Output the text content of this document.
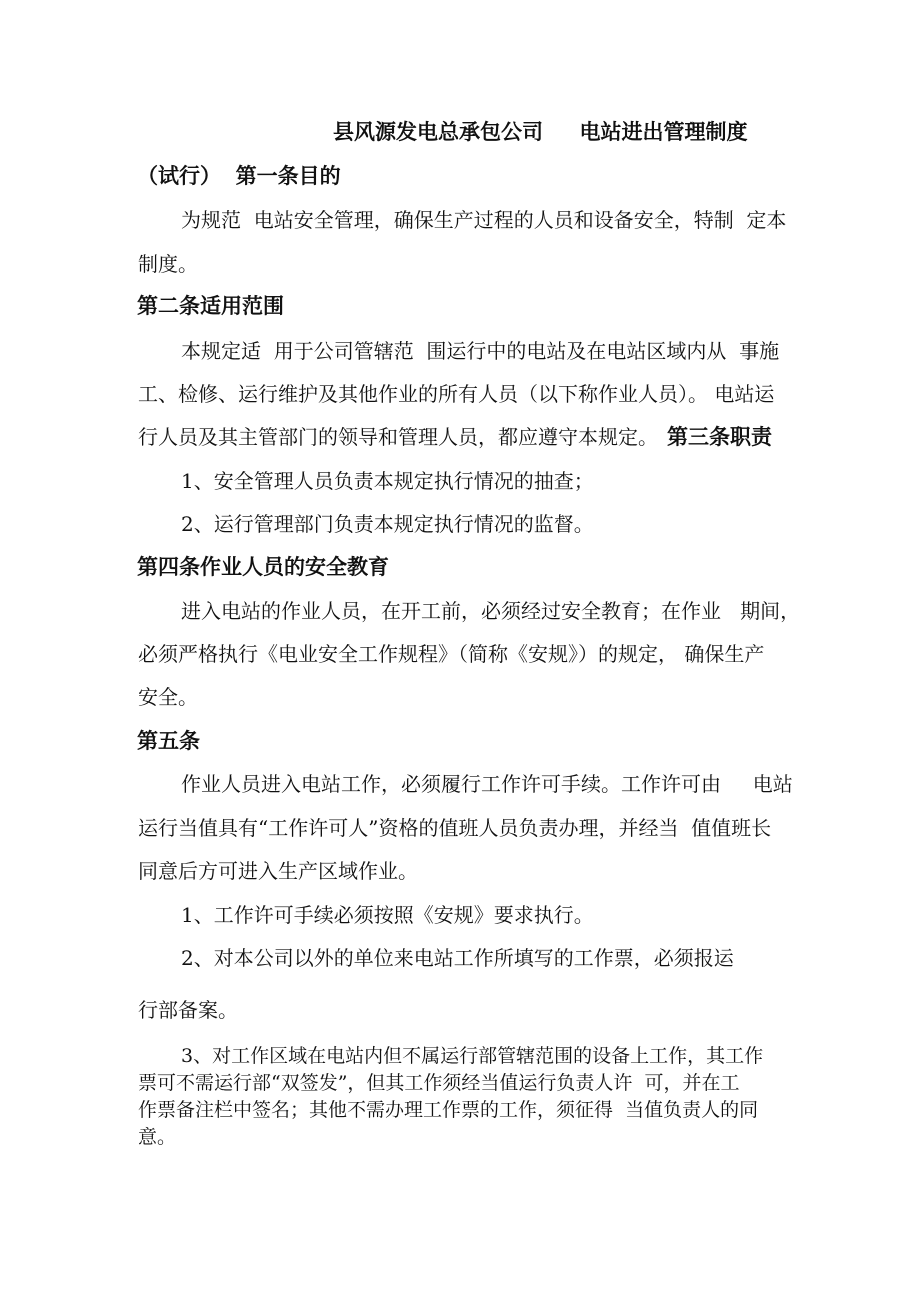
县风源发电总承包公司     电站进出管理制度
（试行）  第一条目的
为规范  电站安全管理，确保生产过程的人员和设备安全，特制  定本
制度。
第二条适用范围
本规定适  用于公司管辖范  围运行中的电站及在电站区域内从  事施
工、检修、运行维护及其他作业的所有人员（以下称作业人员）。 电站运
行人员及其主管部门的领导和管理人员，都应遵守本规定。 第三条职责
1、安全管理人员负责本规定执行情况的抽查；
2、运行管理部门负责本规定执行情况的监督。
第四条作业人员的安全教育
进入电站的作业人员，在开工前，必须经过安全教育；在作业   期间，
必须严格执行《电业安全工作规程》（简称《安规》）的规定， 确保生产
安全。
第五条
作业人员进入电站工作，必须履行工作许可手续。工作许可由     电站
运行当值具有“工作许可人”资格的值班人员负责办理，并经当  值值班长
同意后方可进入生产区域作业。
1、工作许可手续必须按照《安规》要求执行。
2、对本公司以外的单位来电站工作所填写的工作票，必须报运
行部备案。
3、对工作区域在电站内但不属运行部管辖范围的设备上工作，其工作
票可不需运行部“双签发”，但其工作须经当值运行负责人许  可，并在工
作票备注栏中签名；其他不需办理工作票的工作，须征得  当值负责人的同
意。
